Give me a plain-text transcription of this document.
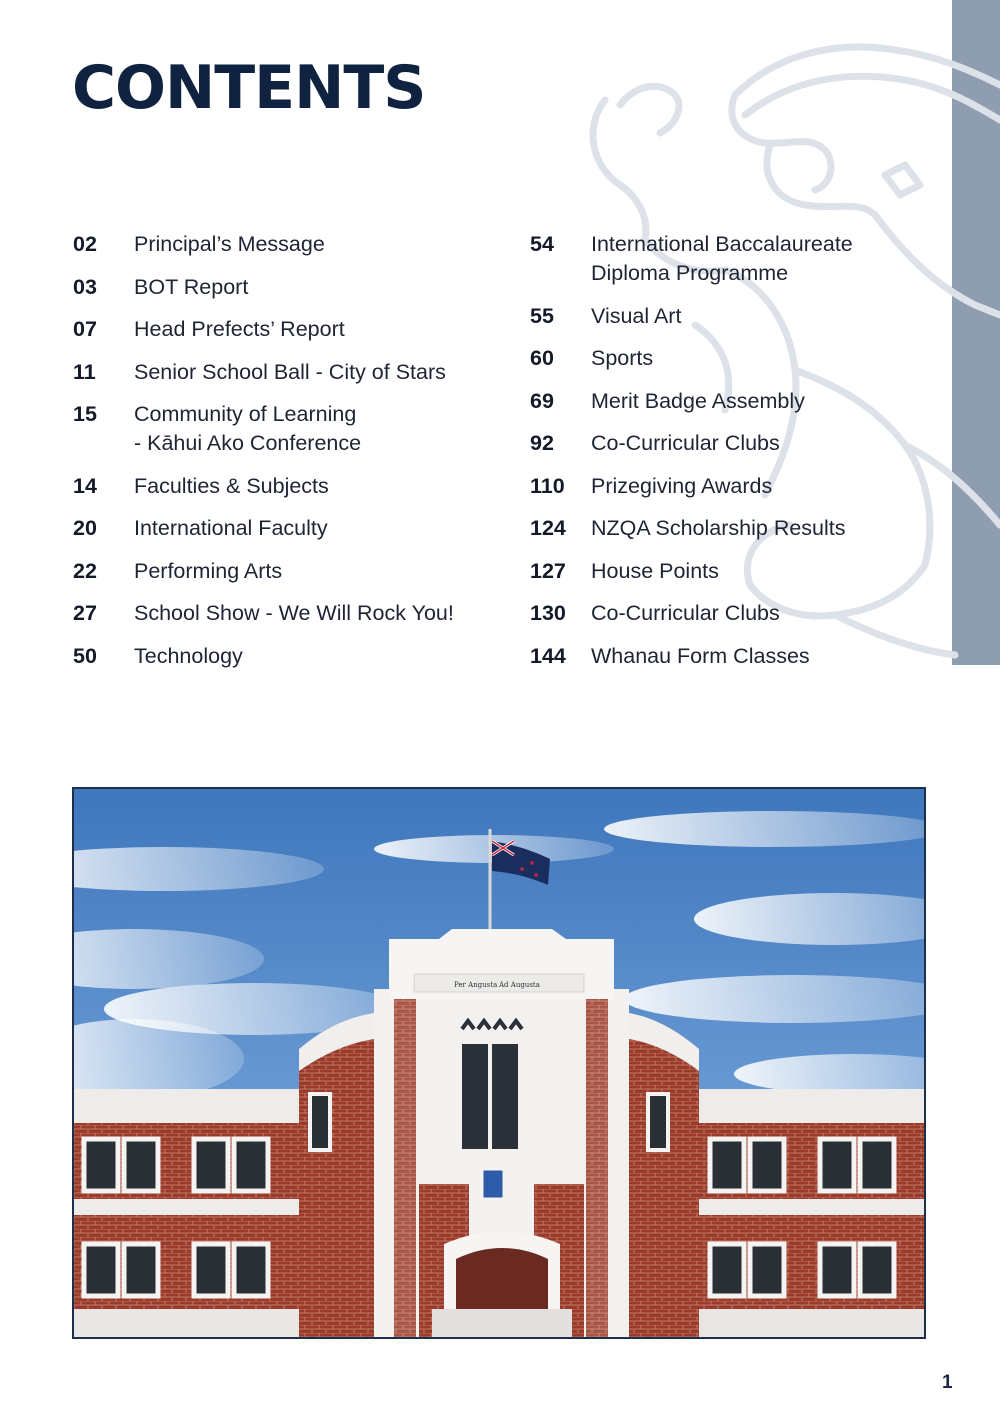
CONTENTS
02	Principal’s Message
03	BOT Report
07	Head Prefects’ Report
11	Senior School Ball - City of Stars
15	Community of Learning
- Kāhui Ako Conference
14	Faculties & Subjects
20	International Faculty
22	Performing Arts
27	School Show - We Will Rock You!
50	Technology
54	International Baccalaureate
Diploma Programme
55	Visual Art
60	Sports
69	Merit Badge Assembly
92	Co-Curricular Clubs
110	Prizegiving Awards
124	NZQA Scholarship Results
127	House Points
130	Co-Curricular Clubs
144	Whanau Form Classes
Per Angusta Ad Augusta
1
